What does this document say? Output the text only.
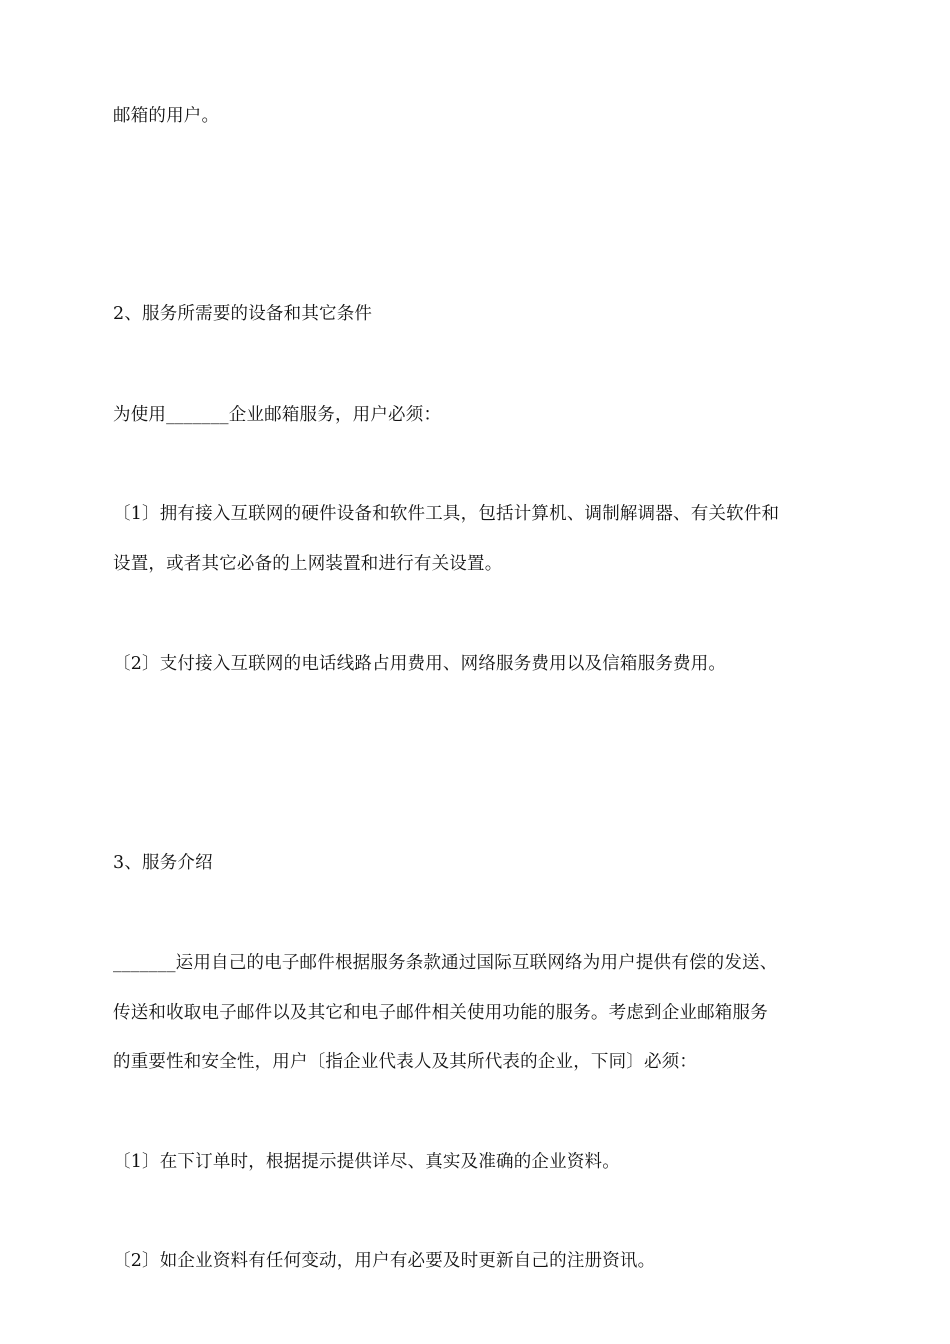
邮箱的用户。
2、服务所需要的设备和其它条件
为使用_______企业邮箱服务，用户必须：
〔1〕拥有接入互联网的硬件设备和软件工具，包括计算机、调制解调器、有关软件和
设置，或者其它必备的上网装置和进行有关设置。
〔2〕支付接入互联网的电话线路占用费用、网络服务费用以及信箱服务费用。
3、服务介绍
_______运用自己的电子邮件根据服务条款通过国际互联网络为用户提供有偿的发送、
传送和收取电子邮件以及其它和电子邮件相关使用功能的服务。考虑到企业邮箱服务
的重要性和安全性，用户〔指企业代表人及其所代表的企业，下同〕必须：
〔1〕在下订单时，根据提示提供详尽、真实及准确的企业资料。
〔2〕如企业资料有任何变动，用户有必要及时更新自己的注册资讯。
